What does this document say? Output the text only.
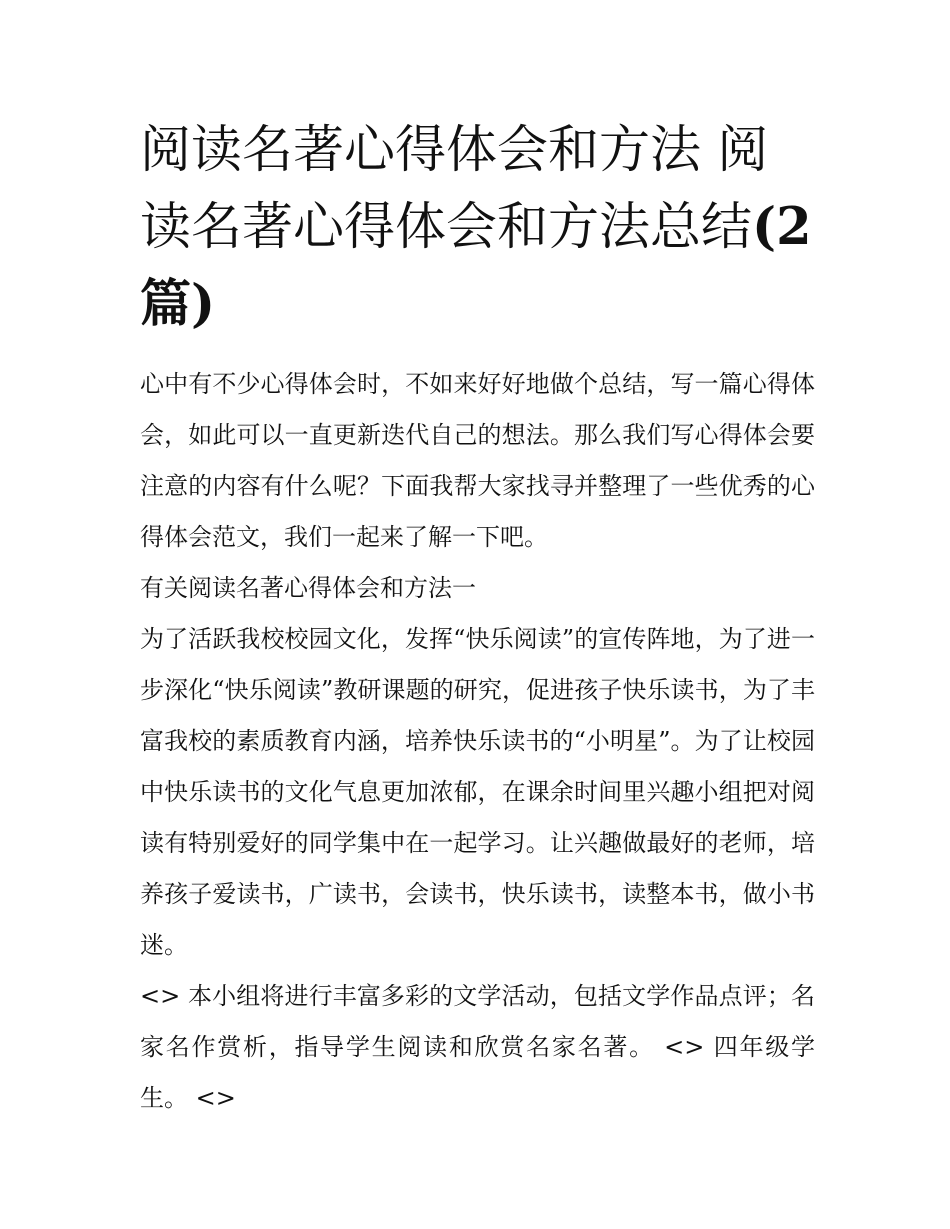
阅读名著心得体会和方法 阅读名著心得体会和方法总结(2篇)

心中有不少心得体会时，不如来好好地做个总结，写一篇心得体会，如此可以一直更新迭代自己的想法。那么我们写心得体会要注意的内容有什么呢？下面我帮大家找寻并整理了一些优秀的心得体会范文，我们一起来了解一下吧。

有关阅读名著心得体会和方法一

为了活跃我校校园文化，发挥“快乐阅读”的宣传阵地，为了进一步深化“快乐阅读”教研课题的研究，促进孩子快乐读书，为了丰富我校的素质教育内涵，培养快乐读书的“小明星”。为了让校园中快乐读书的文化气息更加浓郁，在课余时间里兴趣小组把对阅读有特别爱好的同学集中在一起学习。让兴趣做最好的老师，培养孩子爱读书，广读书，会读书，快乐读书，读整本书，做小书迷。

<> 本小组将进行丰富多彩的文学活动，包括文学作品点评；名家名作赏析，指导学生阅读和欣赏名家名著。 <> 四年级学生。 <>
